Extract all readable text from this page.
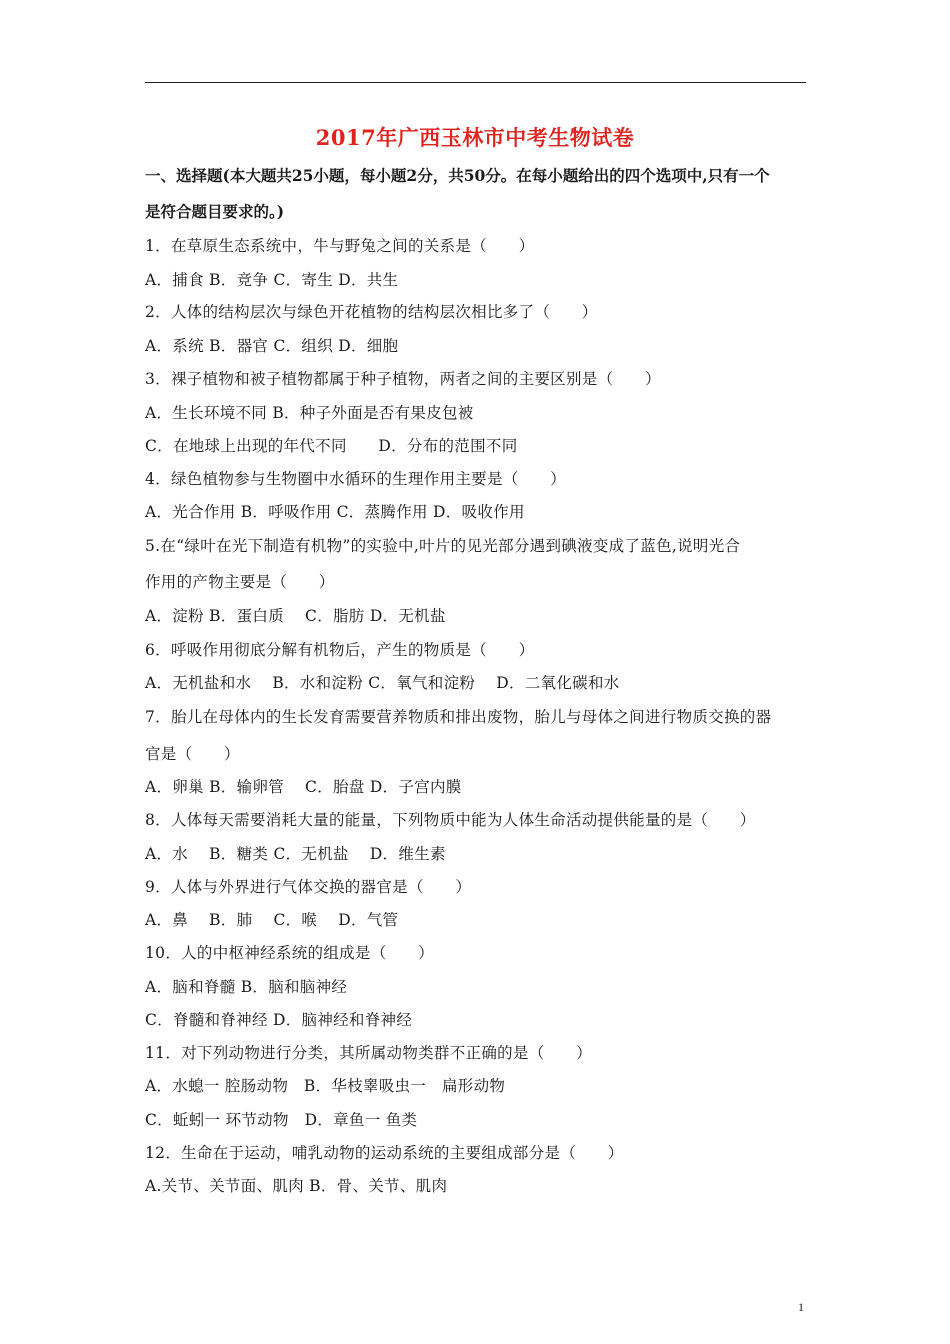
2017年广西玉林市中考生物试卷
一、选择题(本大题共25小题，每小题2分，共50分。在每小题给出的四个选项中,只有一个
是符合题目要求的。)
1．在草原生态系统中，牛与野兔之间的关系是（　　）
A．捕食 B．竞争 C．寄生 D．共生
2．人体的结构层次与绿色开花植物的结构层次相比多了（　　）
A．系统 B．器官 C．组织 D．细胞
3．裸子植物和被子植物都属于种子植物，两者之间的主要区别是（　　）
A．生长环境不同 B．种子外面是否有果皮包被
C．在地球上出现的年代不同　　D．分布的范围不同
4．绿色植物参与生物圈中水循环的生理作用主要是（　　）
A．光合作用 B．呼吸作用 C．蒸腾作用 D．吸收作用
5.在“绿叶在光下制造有机物”的实验中,叶片的见光部分遇到碘液变成了蓝色,说明光合
作用的产物主要是（　　）
A．淀粉 B．蛋白质　 C．脂肪 D．无机盐
6．呼吸作用彻底分解有机物后，产生的物质是（　　）
A．无机盐和水　 B．水和淀粉 C．氧气和淀粉　 D．二氧化碳和水
7．胎儿在母体内的生长发育需要营养物质和排出废物，胎儿与母体之间进行物质交换的器
官是（　　）
A．卵巢 B．输卵管　 C．胎盘 D．子宫内膜
8．人体每天需要消耗大量的能量，下列物质中能为人体生命活动提供能量的是（　　）
A．水　 B．糖类 C．无机盐　 D．维生素
9．人体与外界进行气体交换的器官是（　　）
A．鼻　 B．肺　 C．喉　 D．气管
10．人的中枢神经系统的组成是（　　）
A．脑和脊髓 B．脑和脑神经
C．脊髓和脊神经 D．脑神经和脊神经
11．对下列动物进行分类，其所属动物类群不正确的是（　　）
A．水螅一 腔肠动物　B．华枝睾吸虫一　扁形动物
C．蚯蚓一 环节动物　D．章鱼一 鱼类
12．生命在于运动，哺乳动物的运动系统的主要组成部分是（　　）
A.关节、关节面、肌肉 B．骨、关节、肌肉
1
